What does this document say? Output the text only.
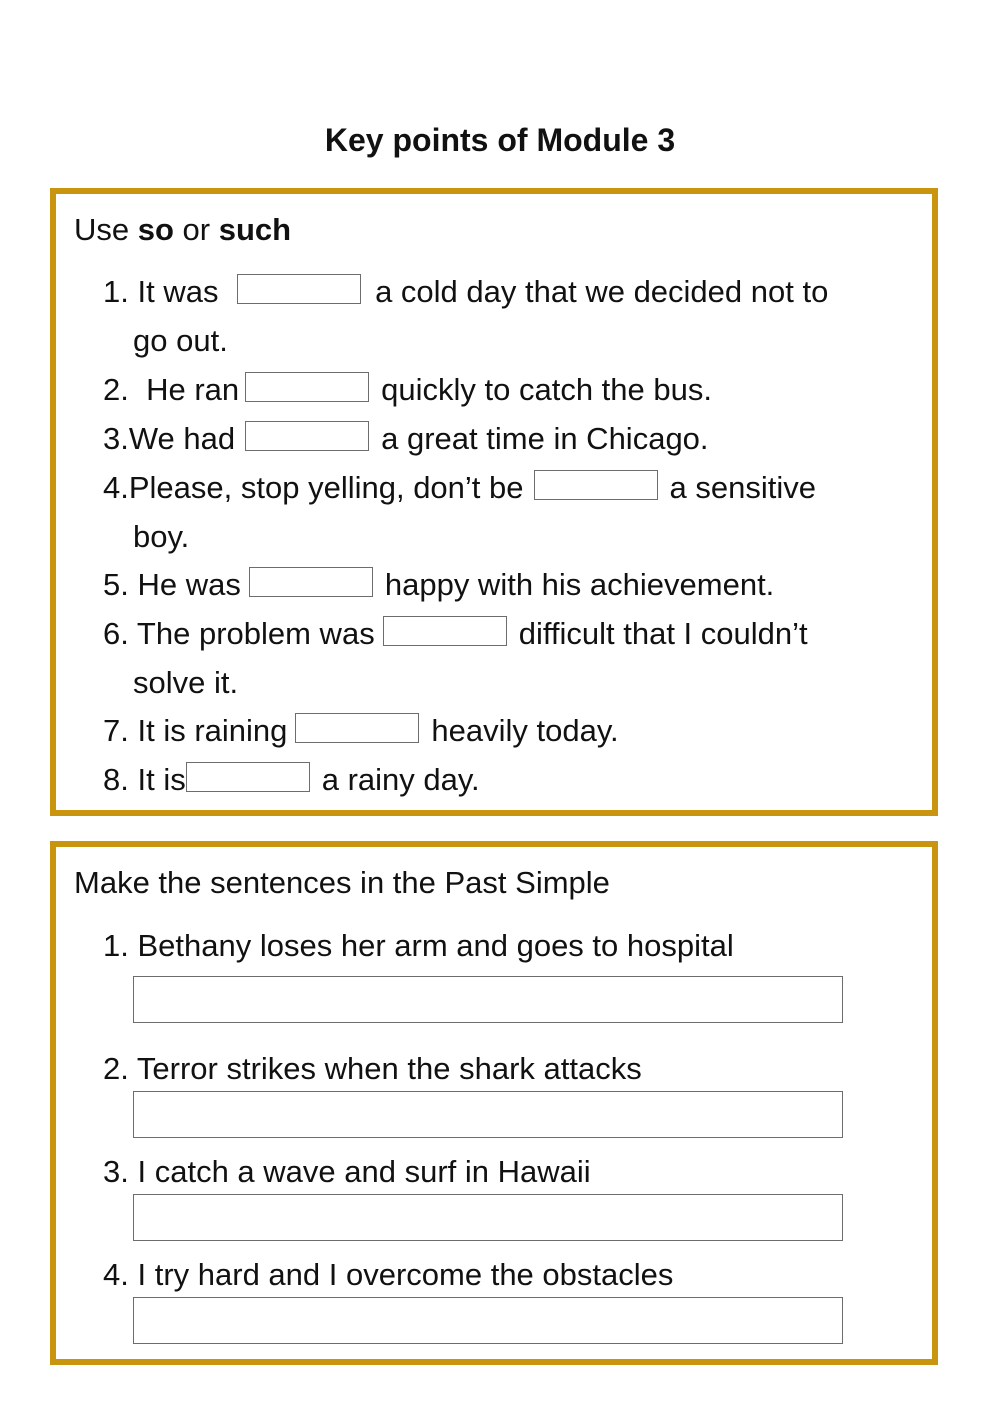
Key points of Module 3
Use so or such
1. It was	a cold day that we decided not to
go out.
2. He ran	quickly to catch the bus.
3.We had	a great time in Chicago.
4.Please, stop yelling, don’t be	a sensitive
boy.
5. He was	happy with his achievement.
6. The problem was	difficult that I couldn’t
solve it.
7. It is raining	heavily today.
8. It is	a rainy day.
Make the sentences in the Past Simple
1. Bethany loses her arm and goes to hospital
2. Terror strikes when the shark attacks
3. I catch a wave and surf in Hawaii
4. I try hard and I overcome the obstacles
